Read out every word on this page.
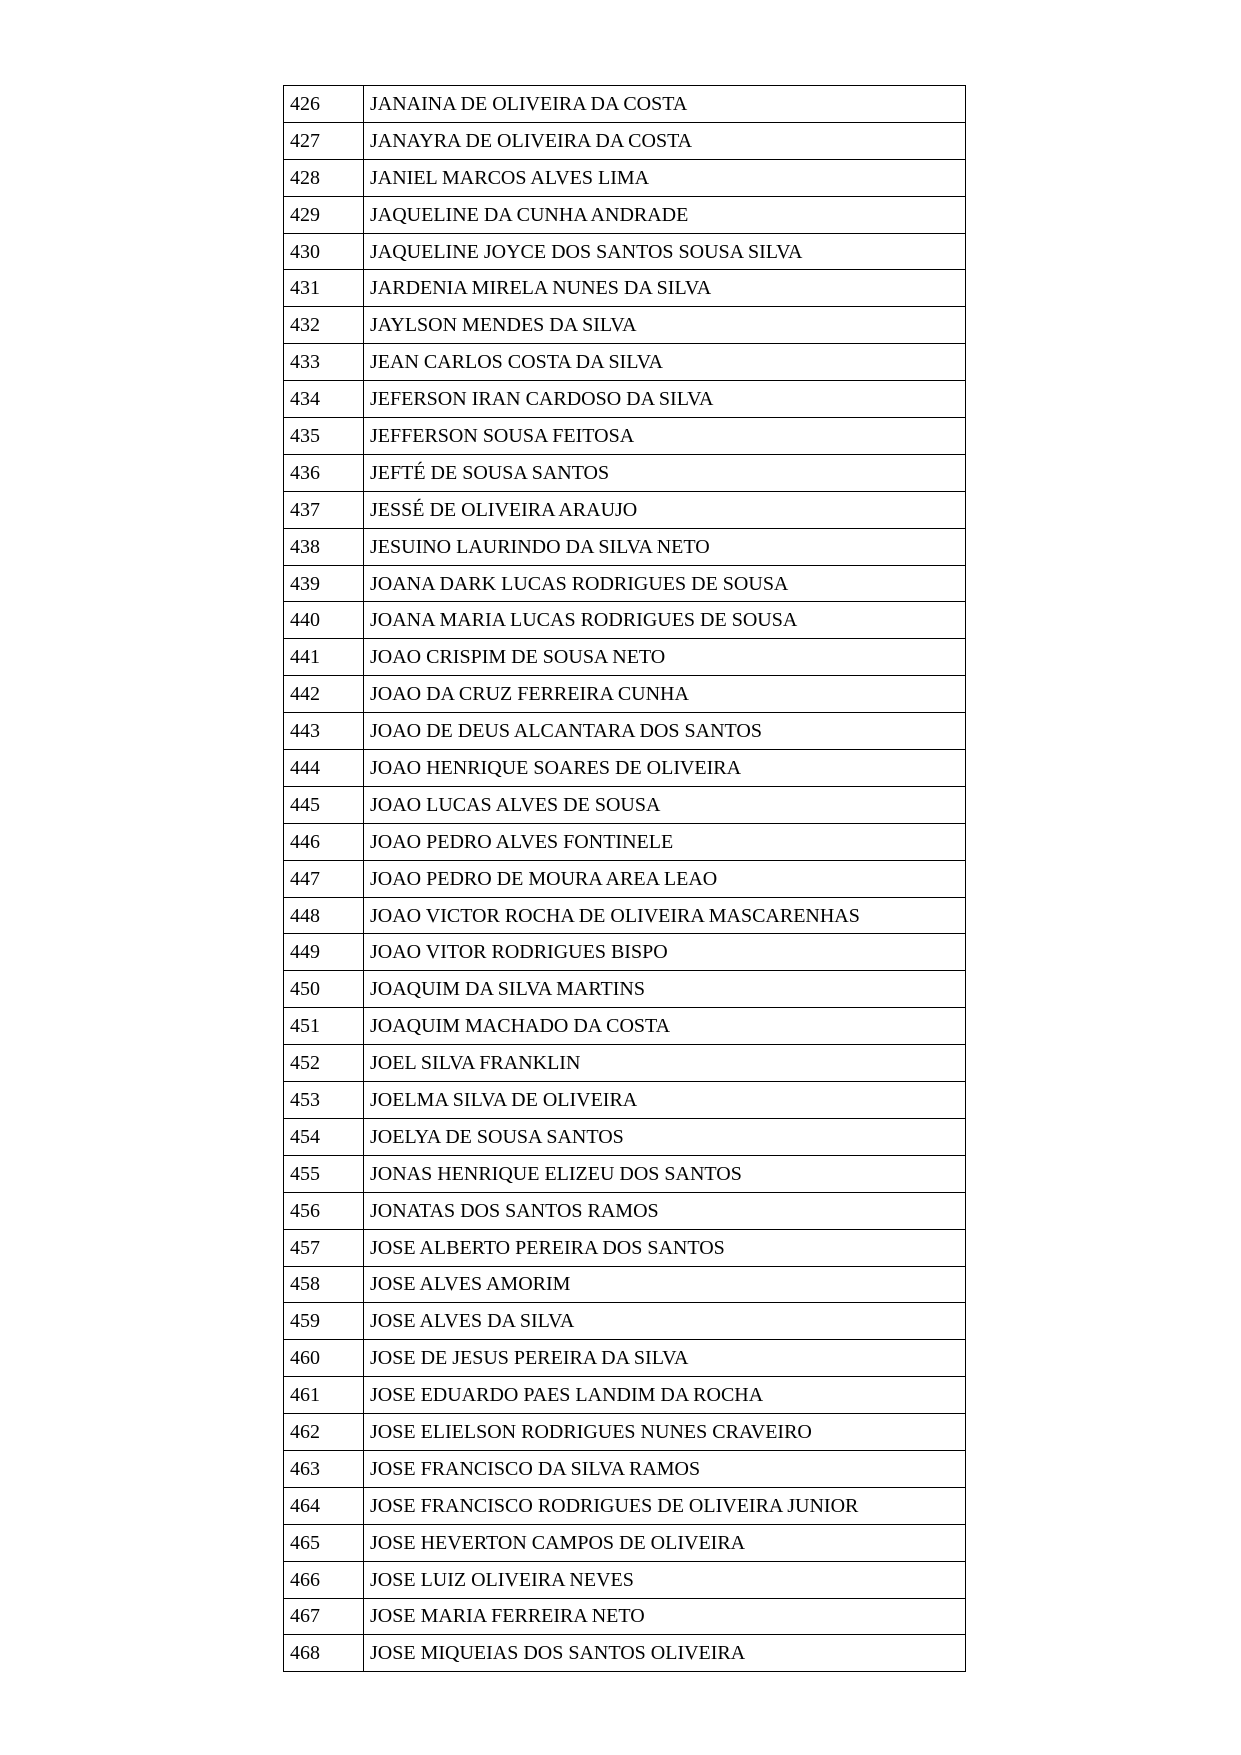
426	JANAINA DE OLIVEIRA DA COSTA
427	JANAYRA DE OLIVEIRA DA COSTA
428	JANIEL MARCOS ALVES LIMA
429	JAQUELINE DA CUNHA ANDRADE
430	JAQUELINE JOYCE DOS SANTOS SOUSA SILVA
431	JARDENIA MIRELA NUNES DA SILVA
432	JAYLSON MENDES DA SILVA
433	JEAN CARLOS COSTA DA SILVA
434	JEFERSON IRAN CARDOSO DA SILVA
435	JEFFERSON SOUSA FEITOSA
436	JEFTÉ DE SOUSA SANTOS
437	JESSÉ DE OLIVEIRA ARAUJO
438	JESUINO LAURINDO DA SILVA NETO
439	JOANA DARK LUCAS RODRIGUES DE SOUSA
440	JOANA MARIA LUCAS RODRIGUES DE SOUSA
441	JOAO CRISPIM DE SOUSA NETO
442	JOAO DA CRUZ FERREIRA CUNHA
443	JOAO DE DEUS ALCANTARA DOS SANTOS
444	JOAO HENRIQUE SOARES DE OLIVEIRA
445	JOAO LUCAS ALVES DE SOUSA
446	JOAO PEDRO ALVES FONTINELE
447	JOAO PEDRO DE MOURA AREA LEAO
448	JOAO VICTOR ROCHA DE OLIVEIRA MASCARENHAS
449	JOAO VITOR RODRIGUES BISPO
450	JOAQUIM DA SILVA MARTINS
451	JOAQUIM MACHADO DA COSTA
452	JOEL SILVA FRANKLIN
453	JOELMA SILVA DE OLIVEIRA
454	JOELYA DE SOUSA SANTOS
455	JONAS HENRIQUE ELIZEU DOS SANTOS
456	JONATAS DOS SANTOS RAMOS
457	JOSE ALBERTO PEREIRA DOS SANTOS
458	JOSE ALVES AMORIM
459	JOSE ALVES DA SILVA
460	JOSE DE JESUS PEREIRA DA SILVA
461	JOSE EDUARDO PAES LANDIM DA ROCHA
462	JOSE ELIELSON RODRIGUES NUNES CRAVEIRO
463	JOSE FRANCISCO DA SILVA RAMOS
464	JOSE FRANCISCO RODRIGUES DE OLIVEIRA JUNIOR
465	JOSE HEVERTON CAMPOS DE OLIVEIRA
466	JOSE LUIZ OLIVEIRA NEVES
467	JOSE MARIA FERREIRA NETO
468	JOSE MIQUEIAS DOS SANTOS OLIVEIRA
